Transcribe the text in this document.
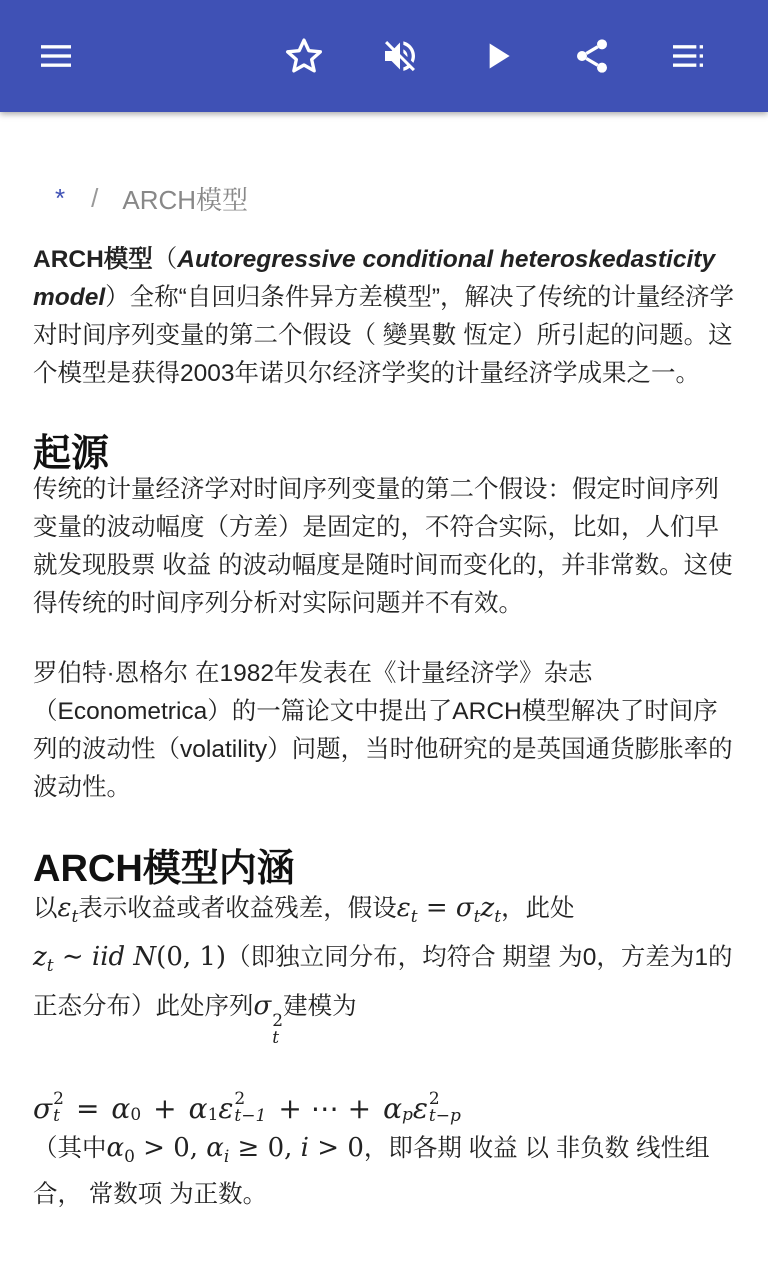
* / ARCH模型

ARCH模型（Autoregressive conditional heteroskedasticity model）全称“自回归条件异方差模型”，解决了传统的计量经济学对时间序列变量的第二个假设（ 變異數 恆定）所引起的问题。这个模型是获得2003年诺贝尔经济学奖的计量经济学成果之一。

起源

传统的计量经济学对时间序列变量的第二个假设：假定时间序列变量的波动幅度（方差）是固定的，不符合实际，比如，人们早就发现股票 收益 的波动幅度是随时间而变化的，并非常数。这使得传统的时间序列分析对实际问题并不有效。

罗伯特·恩格尔 在1982年发表在《计量经济学》杂志（Econometrica）的一篇论文中提出了ARCH模型解决了时间序列的波动性（volatility）问题，当时他研究的是英国通货膨胀率的波动性。

ARCH模型内涵

以$\varepsilon_t$表示收益或者收益残差，假设$\varepsilon_t = \sigma_tz_t$，此处
$z_t$ ∼ iid N(0, 1)（即独立同分布，均符合 期望 为0，方差为1的正态分布）此处序列σ 2
t
建模为

σ 2
t = α 0 + α 1 ε 2
t−1 + ⋯ + α p ε 2
t−p

（其中$\alpha_0 > 0$, $\alpha_i \ge 0$, i > 0，即各期 收益 以 非负数 线性组合， 常数项 为正数。
